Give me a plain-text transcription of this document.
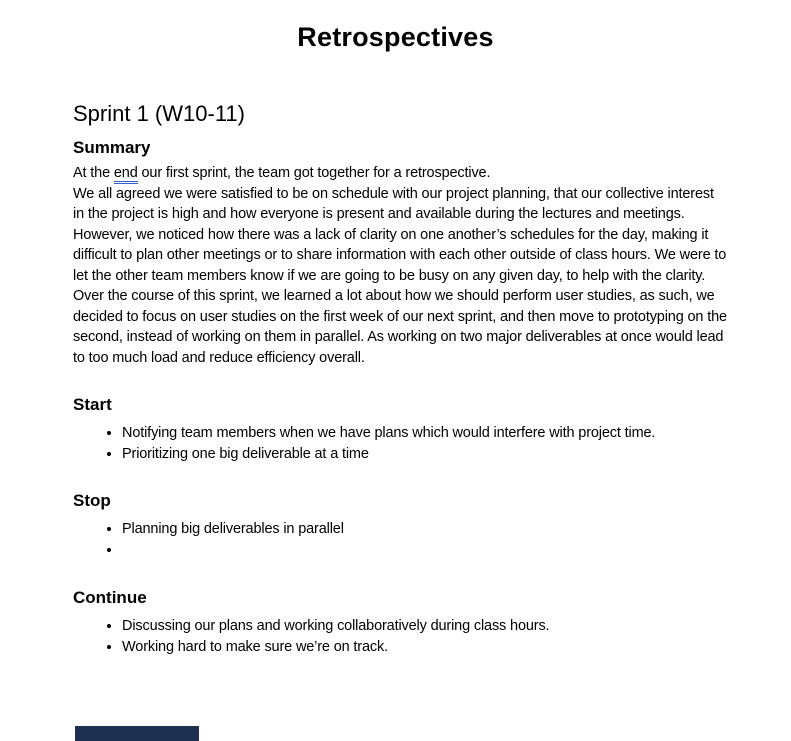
Retrospectives
Sprint 1 (W10-11)
Summary

At the end our first sprint, the team got together for a retrospective.

We all agreed we were satisfied to be on schedule with our project planning, that our collective interest in the project is high and how everyone is present and available during the lectures and meetings.

However, we noticed how there was a lack of clarity on one another’s schedules for the day, making it difficult to plan other meetings or to share information with each other outside of class hours. We were to let the other team members know if we are going to be busy on any given day, to help with the clarity.

Over the course of this sprint, we learned a lot about how we should perform user studies, as such, we decided to focus on user studies on the first week of our next sprint, and then move to prototyping on the second, instead of working on them in parallel. As working on two major deliverables at once would lead to too much load and reduce efficiency overall.

Start
• Notifying team members when we have plans which would interfere with project time.
• Prioritizing one big deliverable at a time
Stop
• Planning big deliverables in parallel
•
Continue
• Discussing our plans and working collaboratively during class hours.
• Working hard to make sure we’re on track.
